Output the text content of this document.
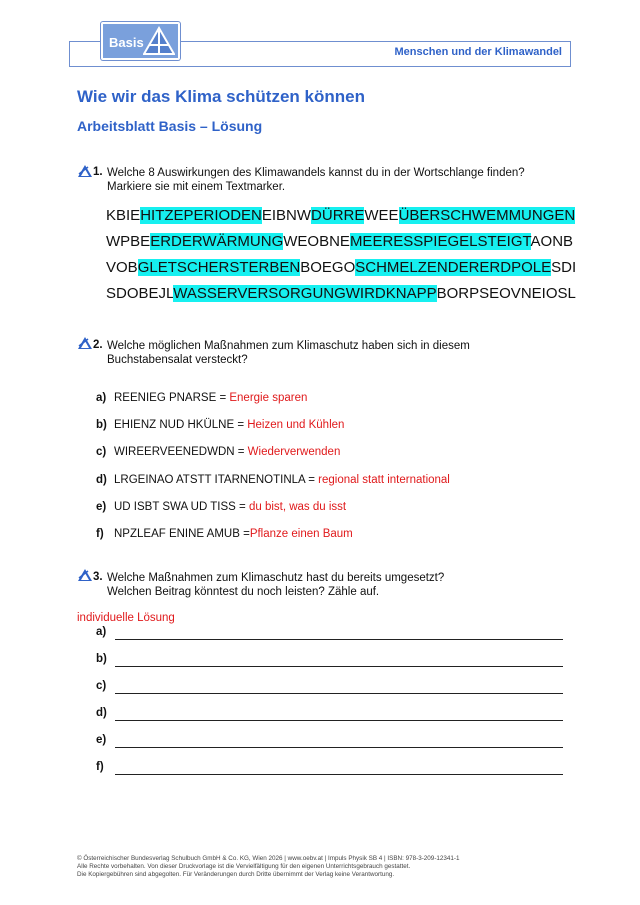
Menschen und der Klimawandel
Basis
Wie wir das Klima schützen können
Arbeitsblatt Basis – Lösung
1. Welche 8 Auswirkungen des Klimawandels kannst du in der Wortschlange finden?
Markiere sie mit einem Textmarker.
KBIEHITZEPERIODENEIBNWDÜRREWEEÜBERSCHWEMMUNGEN
WPBEERDERWÄRMUNGWEOBNEMEERESSPIEGELSTEIGTAONB
VOBGLETSCHERSTERBENBOEGOSCHMELZENDERERDPOLESDI
SDOBEJLWASSERVERSORGUNGWIRDKNAPPBORPSEOVNEIOSL
2. Welche möglichen Maßnahmen zum Klimaschutz haben sich in diesem
Buchstabensalat versteckt?
a) REENIEG PNARSE = Energie sparen
b) EHIENZ NUD HKÜLNE = Heizen und Kühlen
c) WIREERVEENEDWDN = Wiederverwenden
d) LRGEINAO ATSTT ITARNENOTINLA = regional statt international
e) UD ISBT SWA UD TISS = du bist, was du isst
f) NPZLEAF ENINE AMUB =Pflanze einen Baum
3. Welche Maßnahmen zum Klimaschutz hast du bereits umgesetzt?
Welchen Beitrag könntest du noch leisten? Zähle auf.
individuelle Lösung
a)
b)
c)
d)
e)
f)
© Österreichischer Bundesverlag Schulbuch GmbH & Co. KG, Wien 2026 | www.oebv.at | Impuls Physik SB 4 | ISBN: 978-3-209-12341-1
Alle Rechte vorbehalten. Von dieser Druckvorlage ist die Vervielfältigung für den eigenen Unterrichtsgebrauch gestattet.
Die Kopiergebühren sind abgegolten. Für Veränderungen durch Dritte übernimmt der Verlag keine Verantwortung.
